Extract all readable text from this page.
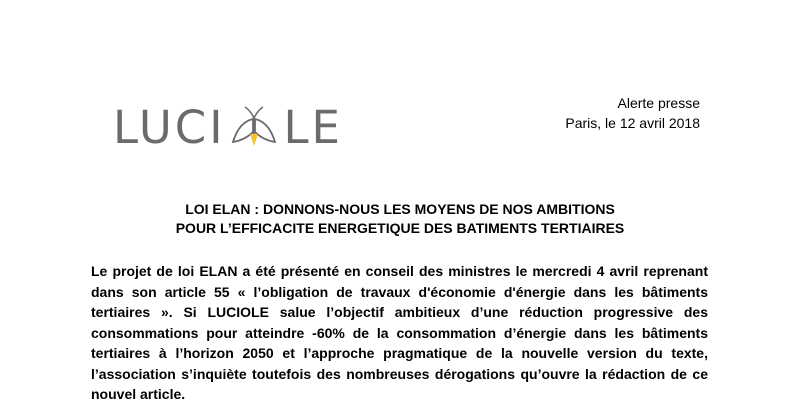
LUCI LE	Alerte presse
Paris, le 12 avril 2018
LOI ELAN : DONNONS-NOUS LES MOYENS DE NOS AMBITIONS
POUR L’EFFICACITE ENERGETIQUE DES BATIMENTS TERTIAIRES
Le projet de loi ELAN a été présenté en conseil des ministres le mercredi 4 avril reprenant
dans son article 55 « l’obligation de travaux d'économie d'énergie dans les bâtiments
tertiaires ». Si LUCIOLE salue l’objectif ambitieux d’une réduction progressive des
consommations pour atteindre -60% de la consommation d’énergie dans les bâtiments
tertiaires à l’horizon 2050 et l’approche pragmatique de la nouvelle version du texte,
l’association s’inquiète toutefois des nombreuses dérogations qu’ouvre la rédaction de ce
nouvel article.
